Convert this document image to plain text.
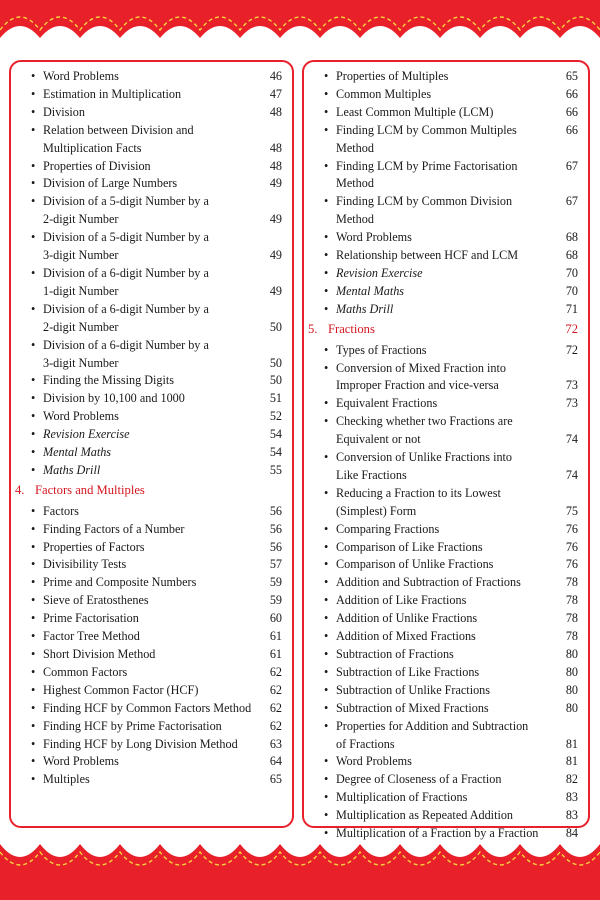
• Word Problems	46
• Estimation in Multiplication	47
• Division	48
• Relation between Division and
Multiplication Facts	48
• Properties of Division	48
• Division of Large Numbers	49
• Division of a 5-digit Number by a
2-digit Number	49
• Division of a 5-digit Number by a
3-digit Number	49
• Division of a 6-digit Number by a
1-digit Number	49
• Division of a 6-digit Number by a
2-digit Number	50
• Division of a 6-digit Number by a
3-digit Number	50
• Finding the Missing Digits	50
• Division by 10,100 and 1000	51
• Word Problems	52
• Revision Exercise	54
• Mental Maths	54
• Maths Drill	55
4. Factors and Multiples
• Factors	56
• Finding Factors of a Number	56
• Properties of Factors	56
• Divisibility Tests	57
• Prime and Composite Numbers	59
• Sieve of Eratosthenes	59
• Prime Factorisation	60
• Factor Tree Method	61
• Short Division Method	61
• Common Factors	62
• Highest Common Factor (HCF)	62
• Finding HCF by Common Factors Method	62
• Finding HCF by Prime Factorisation	62
• Finding HCF by Long Division Method	63
• Word Problems	64
• Multiples	65
• Properties of Multiples	65
• Common Multiples	66
• Least Common Multiple (LCM)	66
• Finding LCM by Common Multiples Method
66
• Finding LCM by Prime Factorisation Method
67
• Finding LCM by Common Division Method
67
• Word Problems	68
• Relationship between HCF and LCM	68
• Revision Exercise	70
• Mental Maths	70
• Maths Drill	71
5. Fractions	72
• Types of Fractions	72
• Conversion of Mixed Fraction into
Improper Fraction and vice-versa	73
• Equivalent Fractions	73
• Checking whether two Fractions are
Equivalent or not	74
• Conversion of Unlike Fractions into
Like Fractions	74
• Reducing a Fraction to its Lowest
(Simplest) Form	75
• Comparing Fractions	76
• Comparison of Like Fractions	76
• Comparison of Unlike Fractions	76
• Addition and Subtraction of Fractions	78
• Addition of Like Fractions	78
• Addition of Unlike Fractions	78
• Addition of Mixed Fractions	78
• Subtraction of Fractions	80
• Subtraction of Like Fractions	80
• Subtraction of Unlike Fractions	80
• Subtraction of Mixed Fractions	80
• Properties for Addition and Subtraction
of Fractions	81
• Word Problems	81
• Degree of Closeness of a Fraction	82
• Multiplication of Fractions	83
• Multiplication as Repeated Addition	83
• Multiplication of a Fraction by a Fraction	84
